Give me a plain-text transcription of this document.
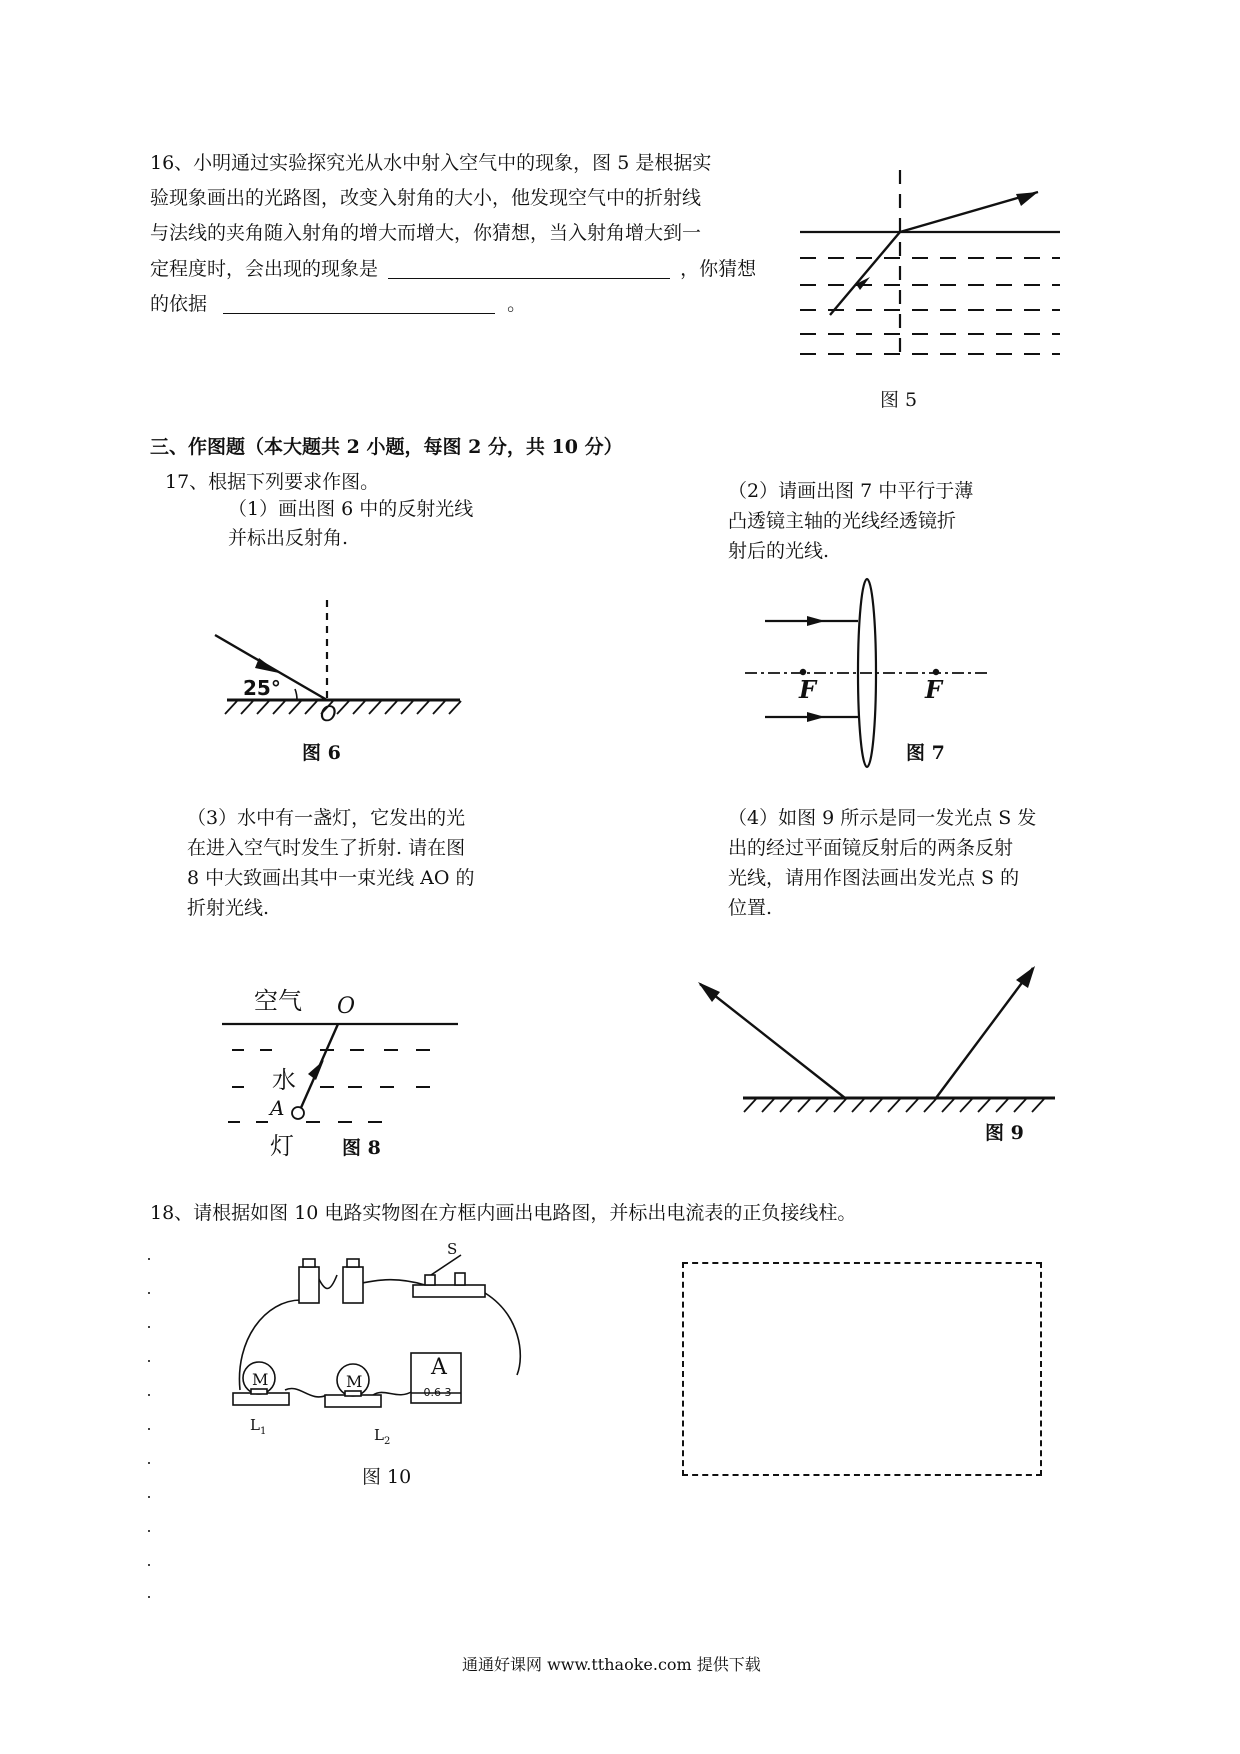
16、小明通过实验探究光从水中射入空气中的现象，图 5 是根据实
验现象画出的光路图，改变入射角的大小，他发现空气中的折射线
与法线的夹角随入射角的增大而增大，你猜想，当入射角增大到一
定程度时，会出现的现象是	，你猜想
的依据	。
图 5
三、作图题（本大题共 2 小题，每图 2 分，共 10 分）
17、根据下列要求作图。
（1）画出图 6 中的反射光线
并标出反射角.
（2）请画出图 7 中平行于薄
凸透镜主轴的光线经透镜折
射后的光线.
25°
O
图 6
F	F
图 7
（3）水中有一盏灯，它发出的光
在进入空气时发生了折射. 请在图
8 中大致画出其中一束光线 AO 的
折射光线.
（4）如图 9 所示是同一发光点 S 发
出的经过平面镜反射后的两条反射
光线，请用作图法画出发光点 S 的
位置.
空气 O
水
A
灯	图 8
图 9
18、请根据如图 10 电路实物图在方框内画出电路图，并标出电流表的正负接线柱。
S
M	M
A
- 0.6 3
$L_1$	$L_2$
图 10
通通好课网 www.tthaoke.com 提供下载
